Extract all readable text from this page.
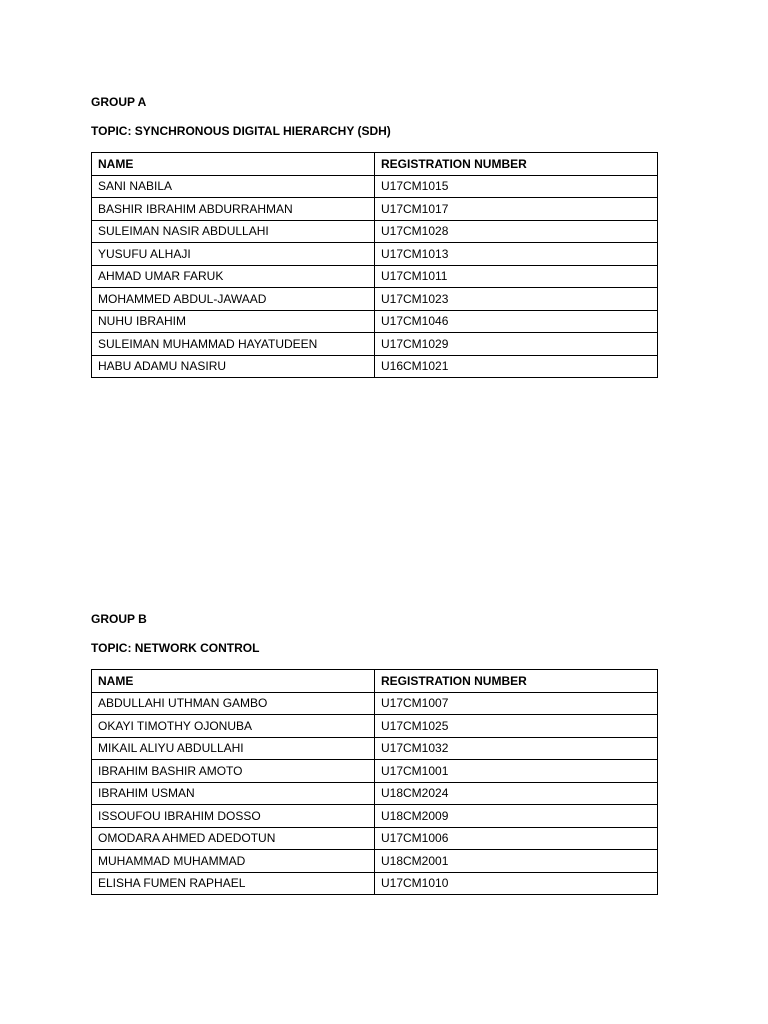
GROUP A
TOPIC: SYNCHRONOUS DIGITAL HIERARCHY (SDH)
NAME	REGISTRATION NUMBER
SANI NABILA	U17CM1015
BASHIR IBRAHIM ABDURRAHMAN	U17CM1017
SULEIMAN NASIR ABDULLAHI	U17CM1028
YUSUFU ALHAJI	U17CM1013
AHMAD UMAR FARUK	U17CM1011
MOHAMMED ABDUL-JAWAAD	U17CM1023
NUHU IBRAHIM	U17CM1046
SULEIMAN MUHAMMAD HAYATUDEEN	U17CM1029
HABU ADAMU NASIRU	U16CM1021
GROUP B
TOPIC: NETWORK CONTROL
NAME	REGISTRATION NUMBER
ABDULLAHI UTHMAN GAMBO	U17CM1007
OKAYI TIMOTHY OJONUBA	U17CM1025
MIKAIL ALIYU ABDULLAHI	U17CM1032
IBRAHIM BASHIR AMOTO	U17CM1001
IBRAHIM USMAN	U18CM2024
ISSOUFOU IBRAHIM DOSSO	U18CM2009
OMODARA AHMED ADEDOTUN	U17CM1006
MUHAMMAD MUHAMMAD	U18CM2001
ELISHA FUMEN RAPHAEL	U17CM1010
